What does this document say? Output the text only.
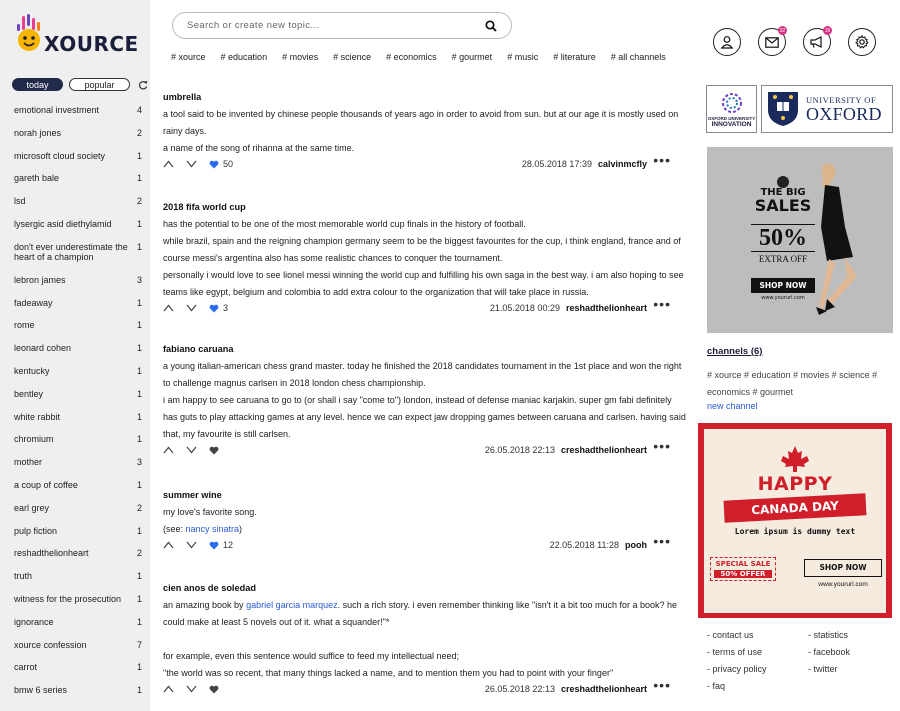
XOURCE
today	popular
emotional investment	4
norah jones	2
microsoft cloud society	1
gareth bale	1
lsd	2
lysergic asid diethylamid	1
don't ever underestimate the heart of a champion
1
lebron james	3
fadeaway	1
rome	1
leonard cohen	1
kentucky	1
bentley	1
white rabbit	1
chromium	1
mother	3
a coup of coffee	1
earl grey	2
pulp fiction	1
reshadthelionheart	2
truth	1
witness for the prosecution	1
ignorance	1
xource confession	7
carrot	1
bmw 6 series	1
Search or create new topic...
# xource # education # movies # science # economics # gourmet # music # literature # all channels
32	16
umbrella

a tool said to be invented by chinese people thousands of years ago in order to avoid from sun. but at our age it is mostly used on rainy days.

a name of the song of rihanna at the same time.

50	28.05.2018 17:39 calvinmcfly •••
2018 fifa world cup

has the potential to be one of the most memorable world cup finals in the history of football.

while brazil, spain and the reigning champion germany seem to be the biggest favourites for the cup, i think england, france and of course messi's argentina also has some realistic chances to conquer the tournament.

personally i would love to see lionel messi winning the world cup and fulfilling his own saga in the best way. i am also hoping to see teams like egypt, belgium and colombia to add extra colour to the organization that will take place in russia.

3	21.05.2018 00:29 reshadthelionheart •••
fabiano caruana

a young italian-american chess grand master. today he finished the 2018 candidates tournament in the 1st place and won the right to challenge magnus carlsen in 2018 london chess championship.

i am happy to see caruana to go to (or shall i say "come to") london, instead of defense maniac karjakin. super gm fabi definitely has guts to play attacking games at any level. hence we can expect jaw dropping games between caruana and carlsen. having said that, my favourite is still carlsen.

26.05.2018 22:13 creshadthelionheart •••
summer wine

my love's favorite song.

(see: nancy sinatra)

12	22.05.2018 11:28 pooh •••
cien anos de soledad

an amazing book by gabriel garcia marquez. such a rich story. i even remember thinking like "isn't it a bit too much for a book? he could make at least 5 novels out of it. what a squander!"*

for example, even this sentence would suffice to feed my intellectual need;

"the world was so recent, that many things lacked a name, and to mention them you had to point with your finger"

26.05.2018 22:13 creshadthelionheart •••
OXFORD UNIVERSITY
INNOVATION
UNIVERSITY OF
OXFORD
THE BIG
SALES
50%
EXTRA OFF
SHOP NOW
www.yoururl.com
channels (6)
# xource # education # movies # science # economics # gourmet
new channel
HAPPY
CANADA DAY
Lorem ipsum is dummy text
SPECIAL SALE
50% OFFER
SHOP NOW
www.yoururl.com
- contact us
- terms of use
- privacy policy
- faq
- statistics
- facebook
- twitter
